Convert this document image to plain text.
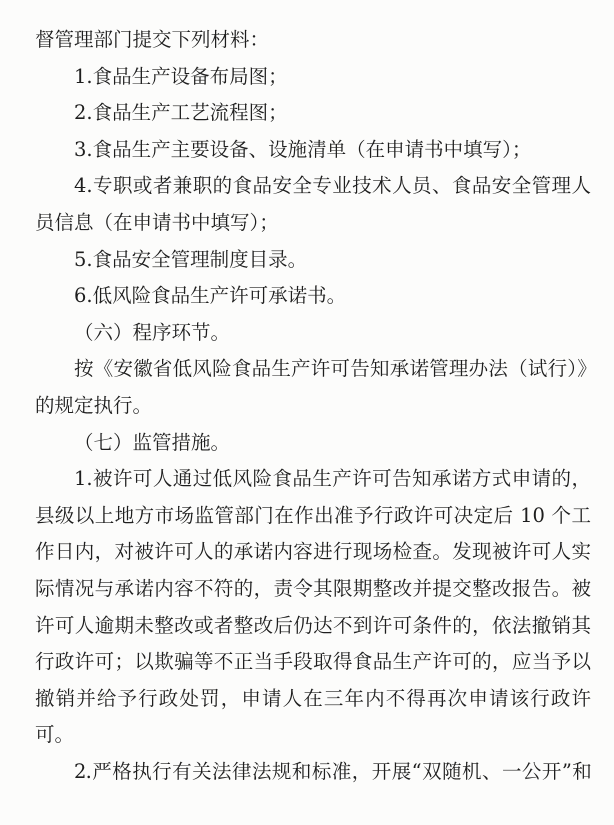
督管理部门提交下列材料：
1.食品生产设备布局图；
2.食品生产工艺流程图；
3.食品生产主要设备、设施清单（在申请书中填写）；
4.专职或者兼职的食品安全专业技术人员、食品安全管理人
员信息（在申请书中填写）；
5.食品安全管理制度目录。
6.低风险食品生产许可承诺书。
（六）程序环节。
按《安徽省低风险食品生产许可告知承诺管理办法（试行）》
的规定执行。
（七）监管措施。
1.被许可人通过低风险食品生产许可告知承诺方式申请的，
县级以上地方市场监管部门在作出准予行政许可决定后 10 个工
作日内，对被许可人的承诺内容进行现场检查。发现被许可人实
际情况与承诺内容不符的，责令其限期整改并提交整改报告。被
许可人逾期未整改或者整改后仍达不到许可条件的，依法撤销其
行政许可；以欺骗等不正当手段取得食品生产许可的，应当予以
撤销并给予行政处罚，申请人在三年内不得再次申请该行政许
可。
2.严格执行有关法律法规和标准，开展“双随机、一公开”和
